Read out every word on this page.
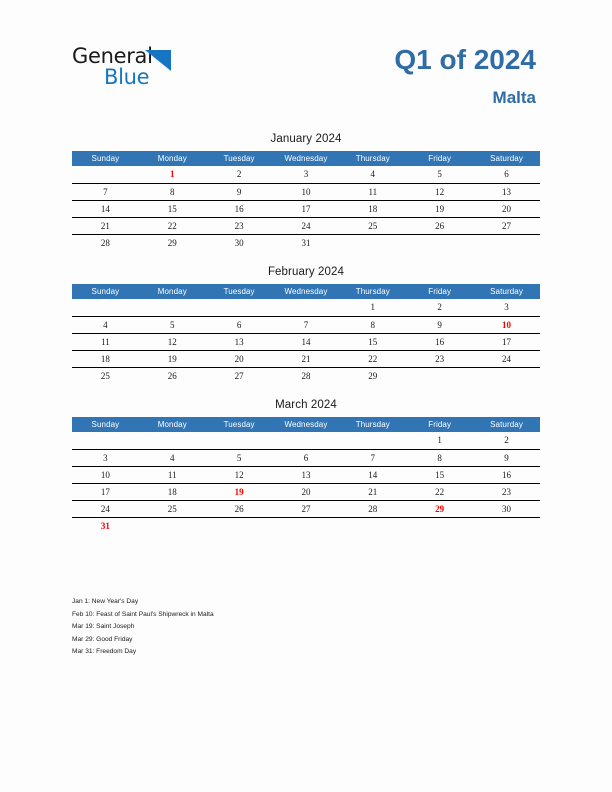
General
Blue
Q1 of 2024
Malta
January 2024
Sunday	Monday	Tuesday	Wednesday	Thursday	Friday	Saturday
	1	2	3	4	5	6
7	8	9	10	11	12	13
14	15	16	17	18	19	20
21	22	23	24	25	26	27
28	29	30	31			
February 2024
Sunday	Monday	Tuesday	Wednesday	Thursday	Friday	Saturday
				1	2	3
4	5	6	7	8	9	10
11	12	13	14	15	16	17
18	19	20	21	22	23	24
25	26	27	28	29		
March 2024
Sunday	Monday	Tuesday	Wednesday	Thursday	Friday	Saturday
					1	2
3	4	5	6	7	8	9
10	11	12	13	14	15	16
17	18	19	20	21	22	23
24	25	26	27	28	29	30
31						
Jan 1: New Year's Day
Feb 10: Feast of Saint Paul's Shipwreck in Malta
Mar 19: Saint Joseph
Mar 29: Good Friday
Mar 31: Freedom Day
